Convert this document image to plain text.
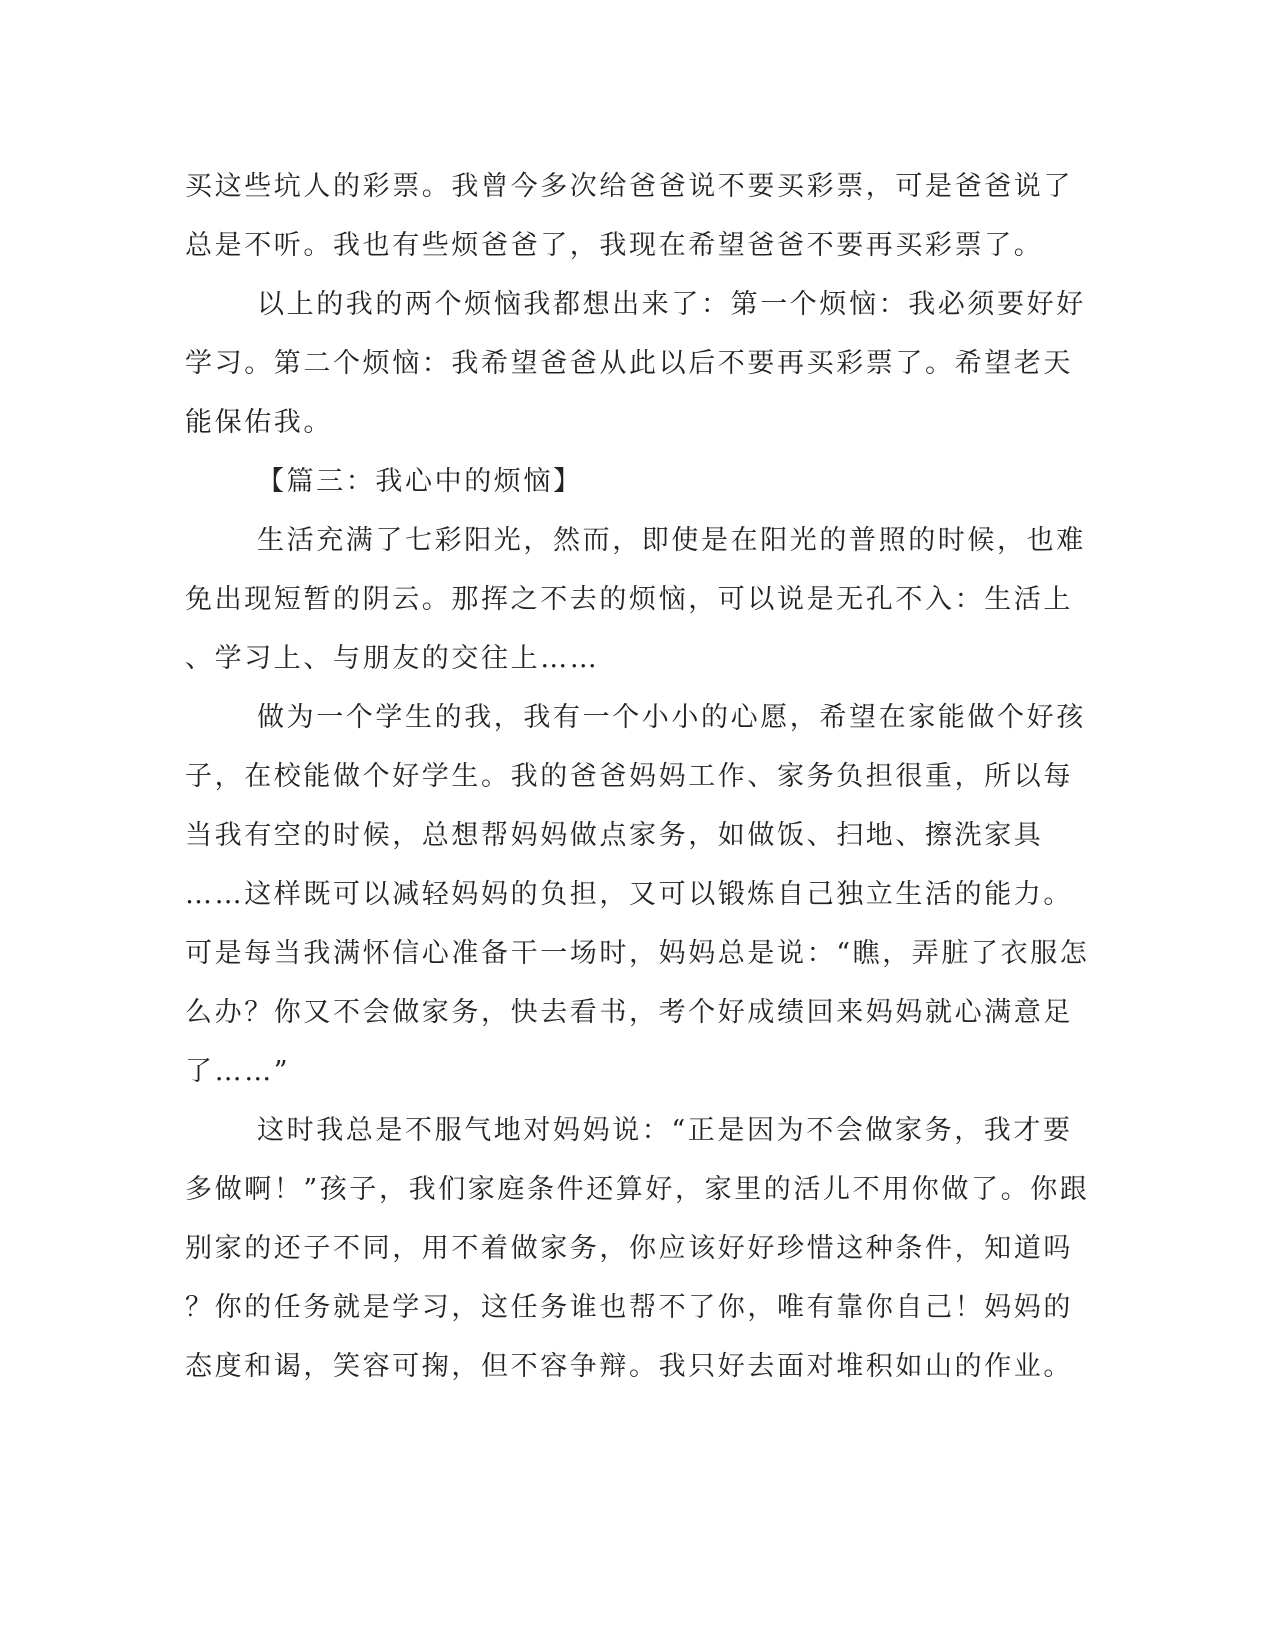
买这些坑人的彩票。我曾今多次给爸爸说不要买彩票，可是爸爸说了
总是不听。我也有些烦爸爸了，我现在希望爸爸不要再买彩票了。
以上的我的两个烦恼我都想出来了：第一个烦恼：我必须要好好
学习。第二个烦恼：我希望爸爸从此以后不要再买彩票了。希望老天
能保佑我。
【篇三：我心中的烦恼】
生活充满了七彩阳光，然而，即使是在阳光的普照的时候，也难
免出现短暂的阴云。那挥之不去的烦恼，可以说是无孔不入：生活上
、学习上、与朋友的交往上……
做为一个学生的我，我有一个小小的心愿，希望在家能做个好孩
子，在校能做个好学生。我的爸爸妈妈工作、家务负担很重，所以每
当我有空的时候，总想帮妈妈做点家务，如做饭、扫地、擦洗家具
……这样既可以减轻妈妈的负担，又可以锻炼自己独立生活的能力。
可是每当我满怀信心准备干一场时，妈妈总是说：“瞧，弄脏了衣服怎
么办？你又不会做家务，快去看书，考个好成绩回来妈妈就心满意足
了……”
这时我总是不服气地对妈妈说：“正是因为不会做家务，我才要
多做啊！”孩子，我们家庭条件还算好，家里的活儿不用你做了。你跟
别家的还子不同，用不着做家务，你应该好好珍惜这种条件，知道吗
？你的任务就是学习，这任务谁也帮不了你，唯有靠你自己！妈妈的
态度和谒，笑容可掬，但不容争辩。我只好去面对堆积如山的作业。
